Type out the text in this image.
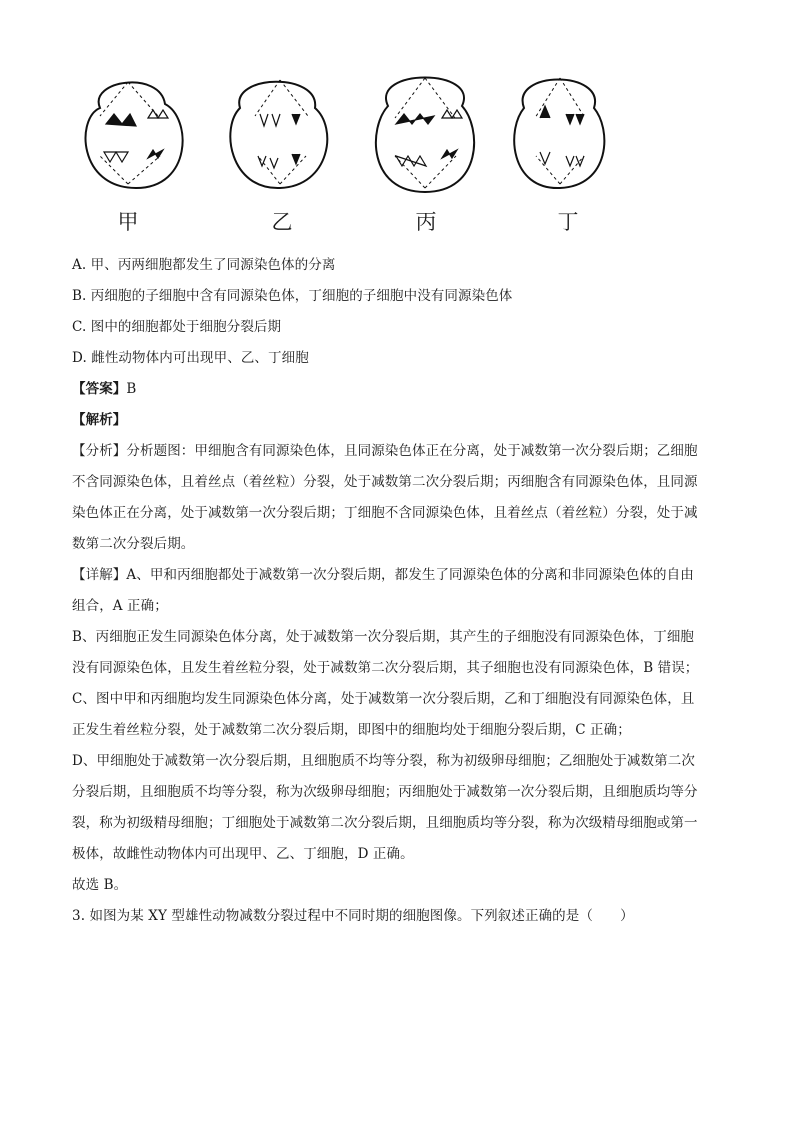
甲	乙	丙	丁
A. 甲、丙两细胞都发生了同源染色体的分离
B. 丙细胞的子细胞中含有同源染色体，丁细胞的子细胞中没有同源染色体
C. 图中的细胞都处于细胞分裂后期
D. 雌性动物体内可出现甲、乙、丁细胞
【答案】B
【解析】
【分析】分析题图：甲细胞含有同源染色体，且同源染色体正在分离，处于减数第一次分裂后期；乙细胞
不含同源染色体，且着丝点（着丝粒）分裂，处于减数第二次分裂后期；丙细胞含有同源染色体，且同源
染色体正在分离，处于减数第一次分裂后期；丁细胞不含同源染色体，且着丝点（着丝粒）分裂，处于减
数第二次分裂后期。
【详解】A、甲和丙细胞都处于减数第一次分裂后期，都发生了同源染色体的分离和非同源染色体的自由
组合，A 正确；
B、丙细胞正发生同源染色体分离，处于减数第一次分裂后期，其产生的子细胞没有同源染色体，丁细胞
没有同源染色体，且发生着丝粒分裂，处于减数第二次分裂后期，其子细胞也没有同源染色体，B 错误；
C、图中甲和丙细胞均发生同源染色体分离，处于减数第一次分裂后期，乙和丁细胞没有同源染色体，且
正发生着丝粒分裂，处于减数第二次分裂后期，即图中的细胞均处于细胞分裂后期，C 正确；
D、甲细胞处于减数第一次分裂后期，且细胞质不均等分裂，称为初级卵母细胞；乙细胞处于减数第二次
分裂后期，且细胞质不均等分裂，称为次级卵母细胞；丙细胞处于减数第一次分裂后期，且细胞质均等分
裂，称为初级精母细胞；丁细胞处于减数第二次分裂后期，且细胞质均等分裂，称为次级精母细胞或第一
极体，故雌性动物体内可出现甲、乙、丁细胞，D 正确。
故选 B。
3. 如图为某 XY 型雄性动物减数分裂过程中不同时期的细胞图像。下列叙述正确的是（　　）
